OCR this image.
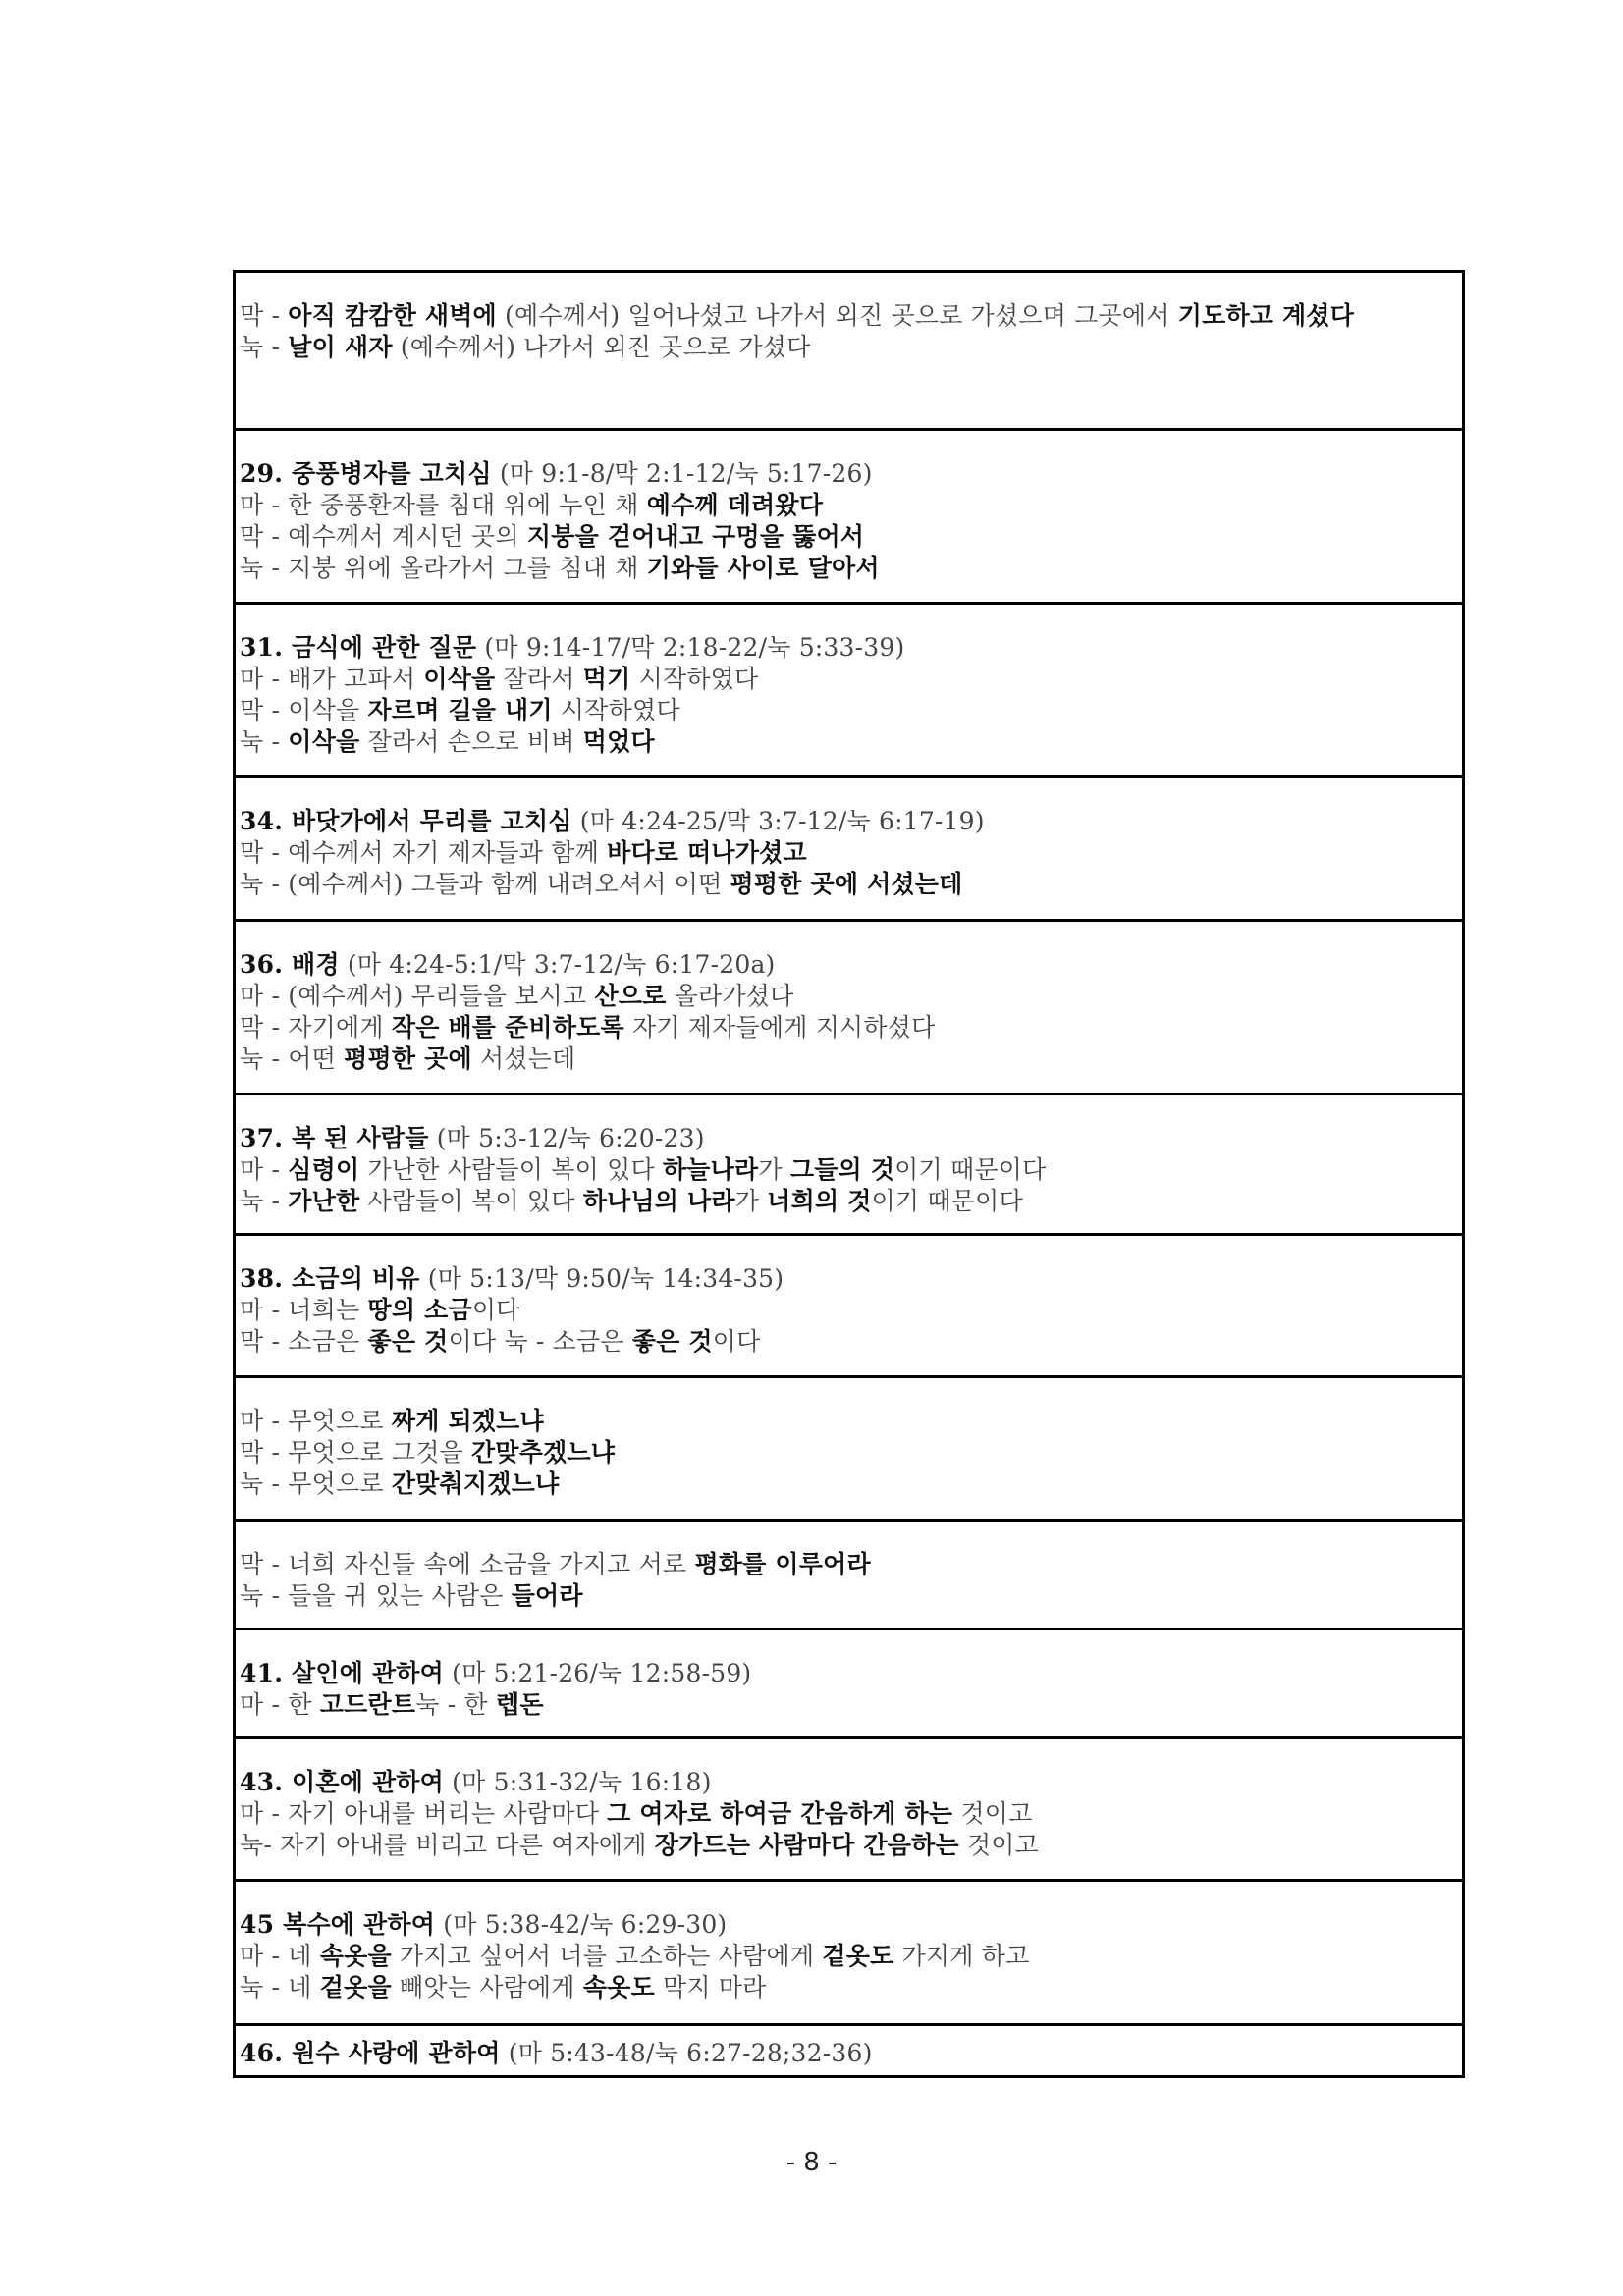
막 - 아직 캄캄한 새벽에 (예수께서) 일어나셨고 나가서 외진 곳으로 가셨으며 그곳에서 기도하고 계셨다
눅 - 날이 새자 (예수께서) 나가서 외진 곳으로 가셨다
29. 중풍병자를 고치심 (마 9:1-8/막 2:1-12/눅 5:17-26)
마 - 한 중풍환자를 침대 위에 누인 채 예수께 데려왔다
막 - 예수께서 계시던 곳의 지붕을 걷어내고 구멍을 뚫어서
눅 - 지붕 위에 올라가서 그를 침대 채 기와들 사이로 달아서
31. 금식에 관한 질문 (마 9:14-17/막 2:18-22/눅 5:33-39)
마 - 배가 고파서 이삭을 잘라서 먹기 시작하였다
막 - 이삭을 자르며 길을 내기 시작하였다
눅 - 이삭을 잘라서 손으로 비벼 먹었다
34. 바닷가에서 무리를 고치심 (마 4:24-25/막 3:7-12/눅 6:17-19)
막 - 예수께서 자기 제자들과 함께 바다로 떠나가셨고
눅 - (예수께서) 그들과 함께 내려오셔서 어떤 평평한 곳에 서셨는데
36. 배경 (마 4:24-5:1/막 3:7-12/눅 6:17-20a)
마 - (예수께서) 무리들을 보시고 산으로 올라가셨다
막 - 자기에게 작은 배를 준비하도록 자기 제자들에게 지시하셨다
눅 - 어떤 평평한 곳에 서셨는데
37. 복 된 사람들 (마 5:3-12/눅 6:20-23)
마 - 심령이 가난한 사람들이 복이 있다 하늘나라가 그들의 것이기 때문이다
눅 - 가난한 사람들이 복이 있다 하나님의 나라가 너희의 것이기 때문이다
38. 소금의 비유 (마 5:13/막 9:50/눅 14:34-35)
마 - 너희는 땅의 소금이다
막 - 소금은 좋은 것이다 눅 - 소금은 좋은 것이다
마 - 무엇으로 짜게 되겠느냐
막 - 무엇으로 그것을 간맞추겠느냐
눅 - 무엇으로 간맞춰지겠느냐
막 - 너희 자신들 속에 소금을 가지고 서로 평화를 이루어라
눅 - 들을 귀 있는 사람은 들어라
41. 살인에 관하여 (마 5:21-26/눅 12:58-59)
마 - 한 고드란트눅 - 한 렙돈
43. 이혼에 관하여 (마 5:31-32/눅 16:18)
마 - 자기 아내를 버리는 사람마다 그 여자로 하여금 간음하게 하는 것이고
눅- 자기 아내를 버리고 다른 여자에게 장가드는 사람마다 간음하는 것이고
45 복수에 관하여 (마 5:38-42/눅 6:29-30)
마 - 네 속옷을 가지고 싶어서 너를 고소하는 사람에게 겉옷도 가지게 하고
눅 - 네 겉옷을 빼앗는 사람에게 속옷도 막지 마라
46. 원수 사랑에 관하여 (마 5:43-48/눅 6:27-28;32-36)
- 8 -
